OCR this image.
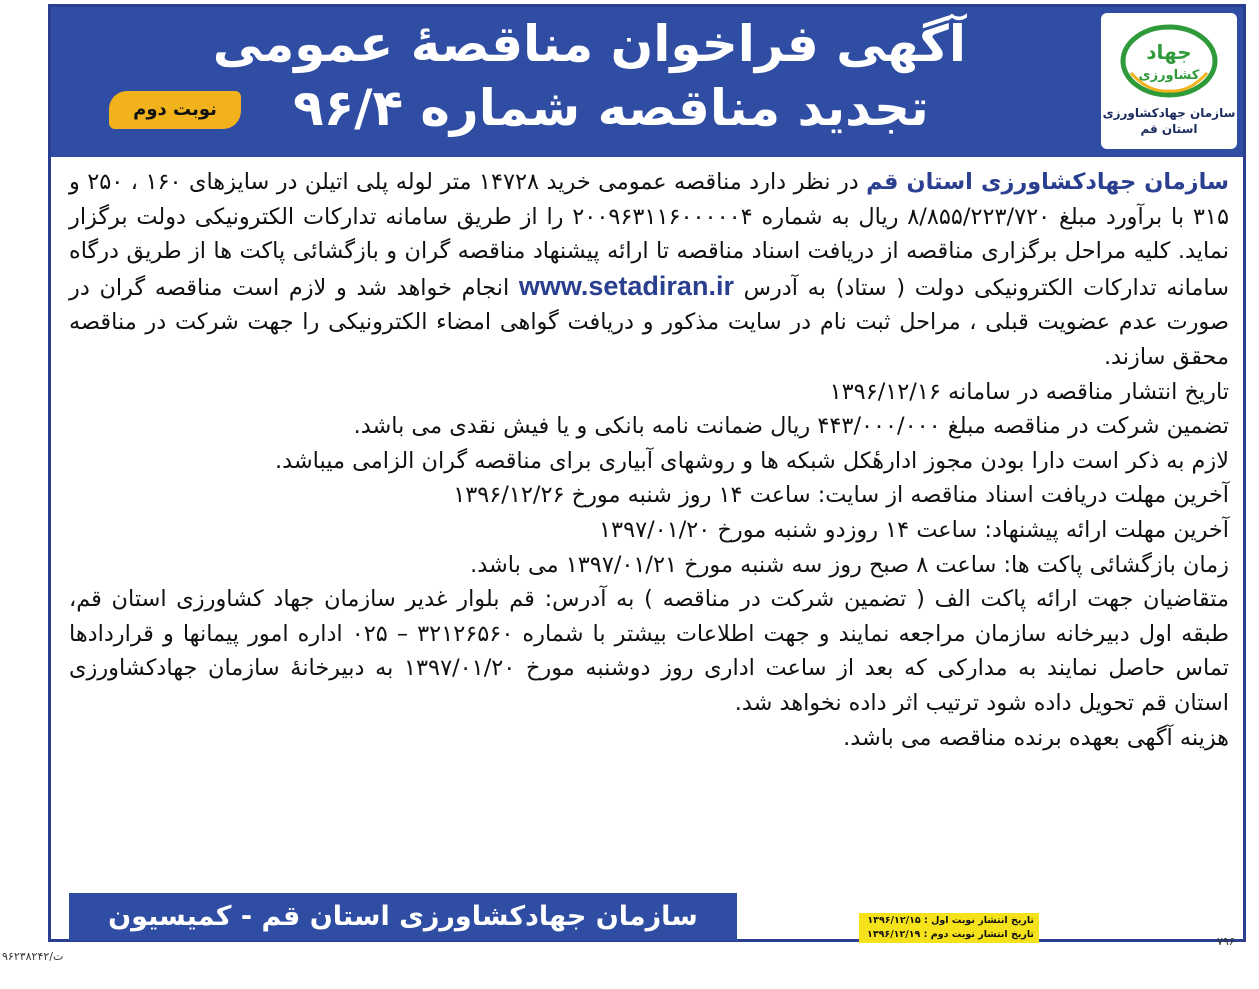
آگهی فراخوان مناقصهٔ عمومی
تجدید مناقصه شماره ۹۶/۴
نوبت دوم
جهاد
کشاورزی
سازمان جهادکشاورزی
استان قم

سازمان جهادکشاورزی استان قم در نظر دارد مناقصه عمومی خرید ۱۴۷۲۸ متر لوله پلی اتیلن در سایزهای ۱۶۰ ، ۲۵۰ و ۳۱۵ با برآورد مبلغ ۸/۸۵۵/۲۲۳/۷۲۰ ریال به شماره ۲۰۰۹۶۳۱۱۶۰۰۰۰۰۴ را از طریق سامانه تدارکات الکترونیکی دولت برگزار نماید. کلیه مراحل برگزاری مناقصه از دریافت اسناد مناقصه تا ارائه پیشنهاد مناقصه گران و بازگشائی پاکت ها از طریق درگاه سامانه تدارکات الکترونیکی دولت ( ستاد) به آدرس www.setadiran.ir انجام خواهد شد و لازم است مناقصه گران در صورت عدم عضویت قبلی ، مراحل ثبت نام در سایت مذکور و دریافت گواهی امضاء الکترونیکی را جهت شرکت در مناقصه محقق سازند.

تاریخ انتشار مناقصه در سامانه ۱۳۹۶/۱۲/۱۶

تضمین شرکت در مناقصه مبلغ ۴۴۳/۰۰۰/۰۰۰ ریال ضمانت نامه بانکی و یا فیش نقدی می باشد.

لازم به ذکر است دارا بودن مجوز ادارهٔکل شبکه ها و روشهای آبیاری برای مناقصه گران الزامی میباشد.

آخرین مهلت دریافت اسناد مناقصه از سایت: ساعت ۱۴ روز شنبه مورخ ۱۳۹۶/۱۲/۲۶

آخرین مهلت ارائه پیشنهاد: ساعت ۱۴ روزدو شنبه مورخ ۱۳۹۷/۰۱/۲۰

زمان بازگشائی پاکت ها: ساعت ۸ صبح روز سه شنبه مورخ ۱۳۹۷/۰۱/۲۱ می باشد.

متقاضیان جهت ارائه پاکت الف ( تضمین شرکت در مناقصه ) به آدرس: قم بلوار غدیر سازمان جهاد کشاورزی استان قم، طبقه اول دبیرخانه سازمان مراجعه نمایند و جهت اطلاعات بیشتر با شماره ۳۲۱۲۶۵۶۰ – ۰۲۵ اداره امور پیمانها و قراردادها تماس حاصل نمایند به مدارکی که بعد از ساعت اداری روز دوشنبه مورخ ۱۳۹۷/۰۱/۲۰ به دبیرخانهٔ سازمان جهادکشاورزی استان قم تحویل داده شود ترتیب اثر داده نخواهد شد.

هزینه آگهی بعهده برنده مناقصه می باشد.

سازمان جهادکشاورزی استان قم - کمیسیون معاملات
تاریخ انتشار نوبت اول : ۱۳۹۶/۱۲/۱۵
تاریخ انتشار نوبت دوم : ۱۳۹۶/۱۲/۱۹
۷۹۶
ت/۹۶۲۳۸۲۴۲
